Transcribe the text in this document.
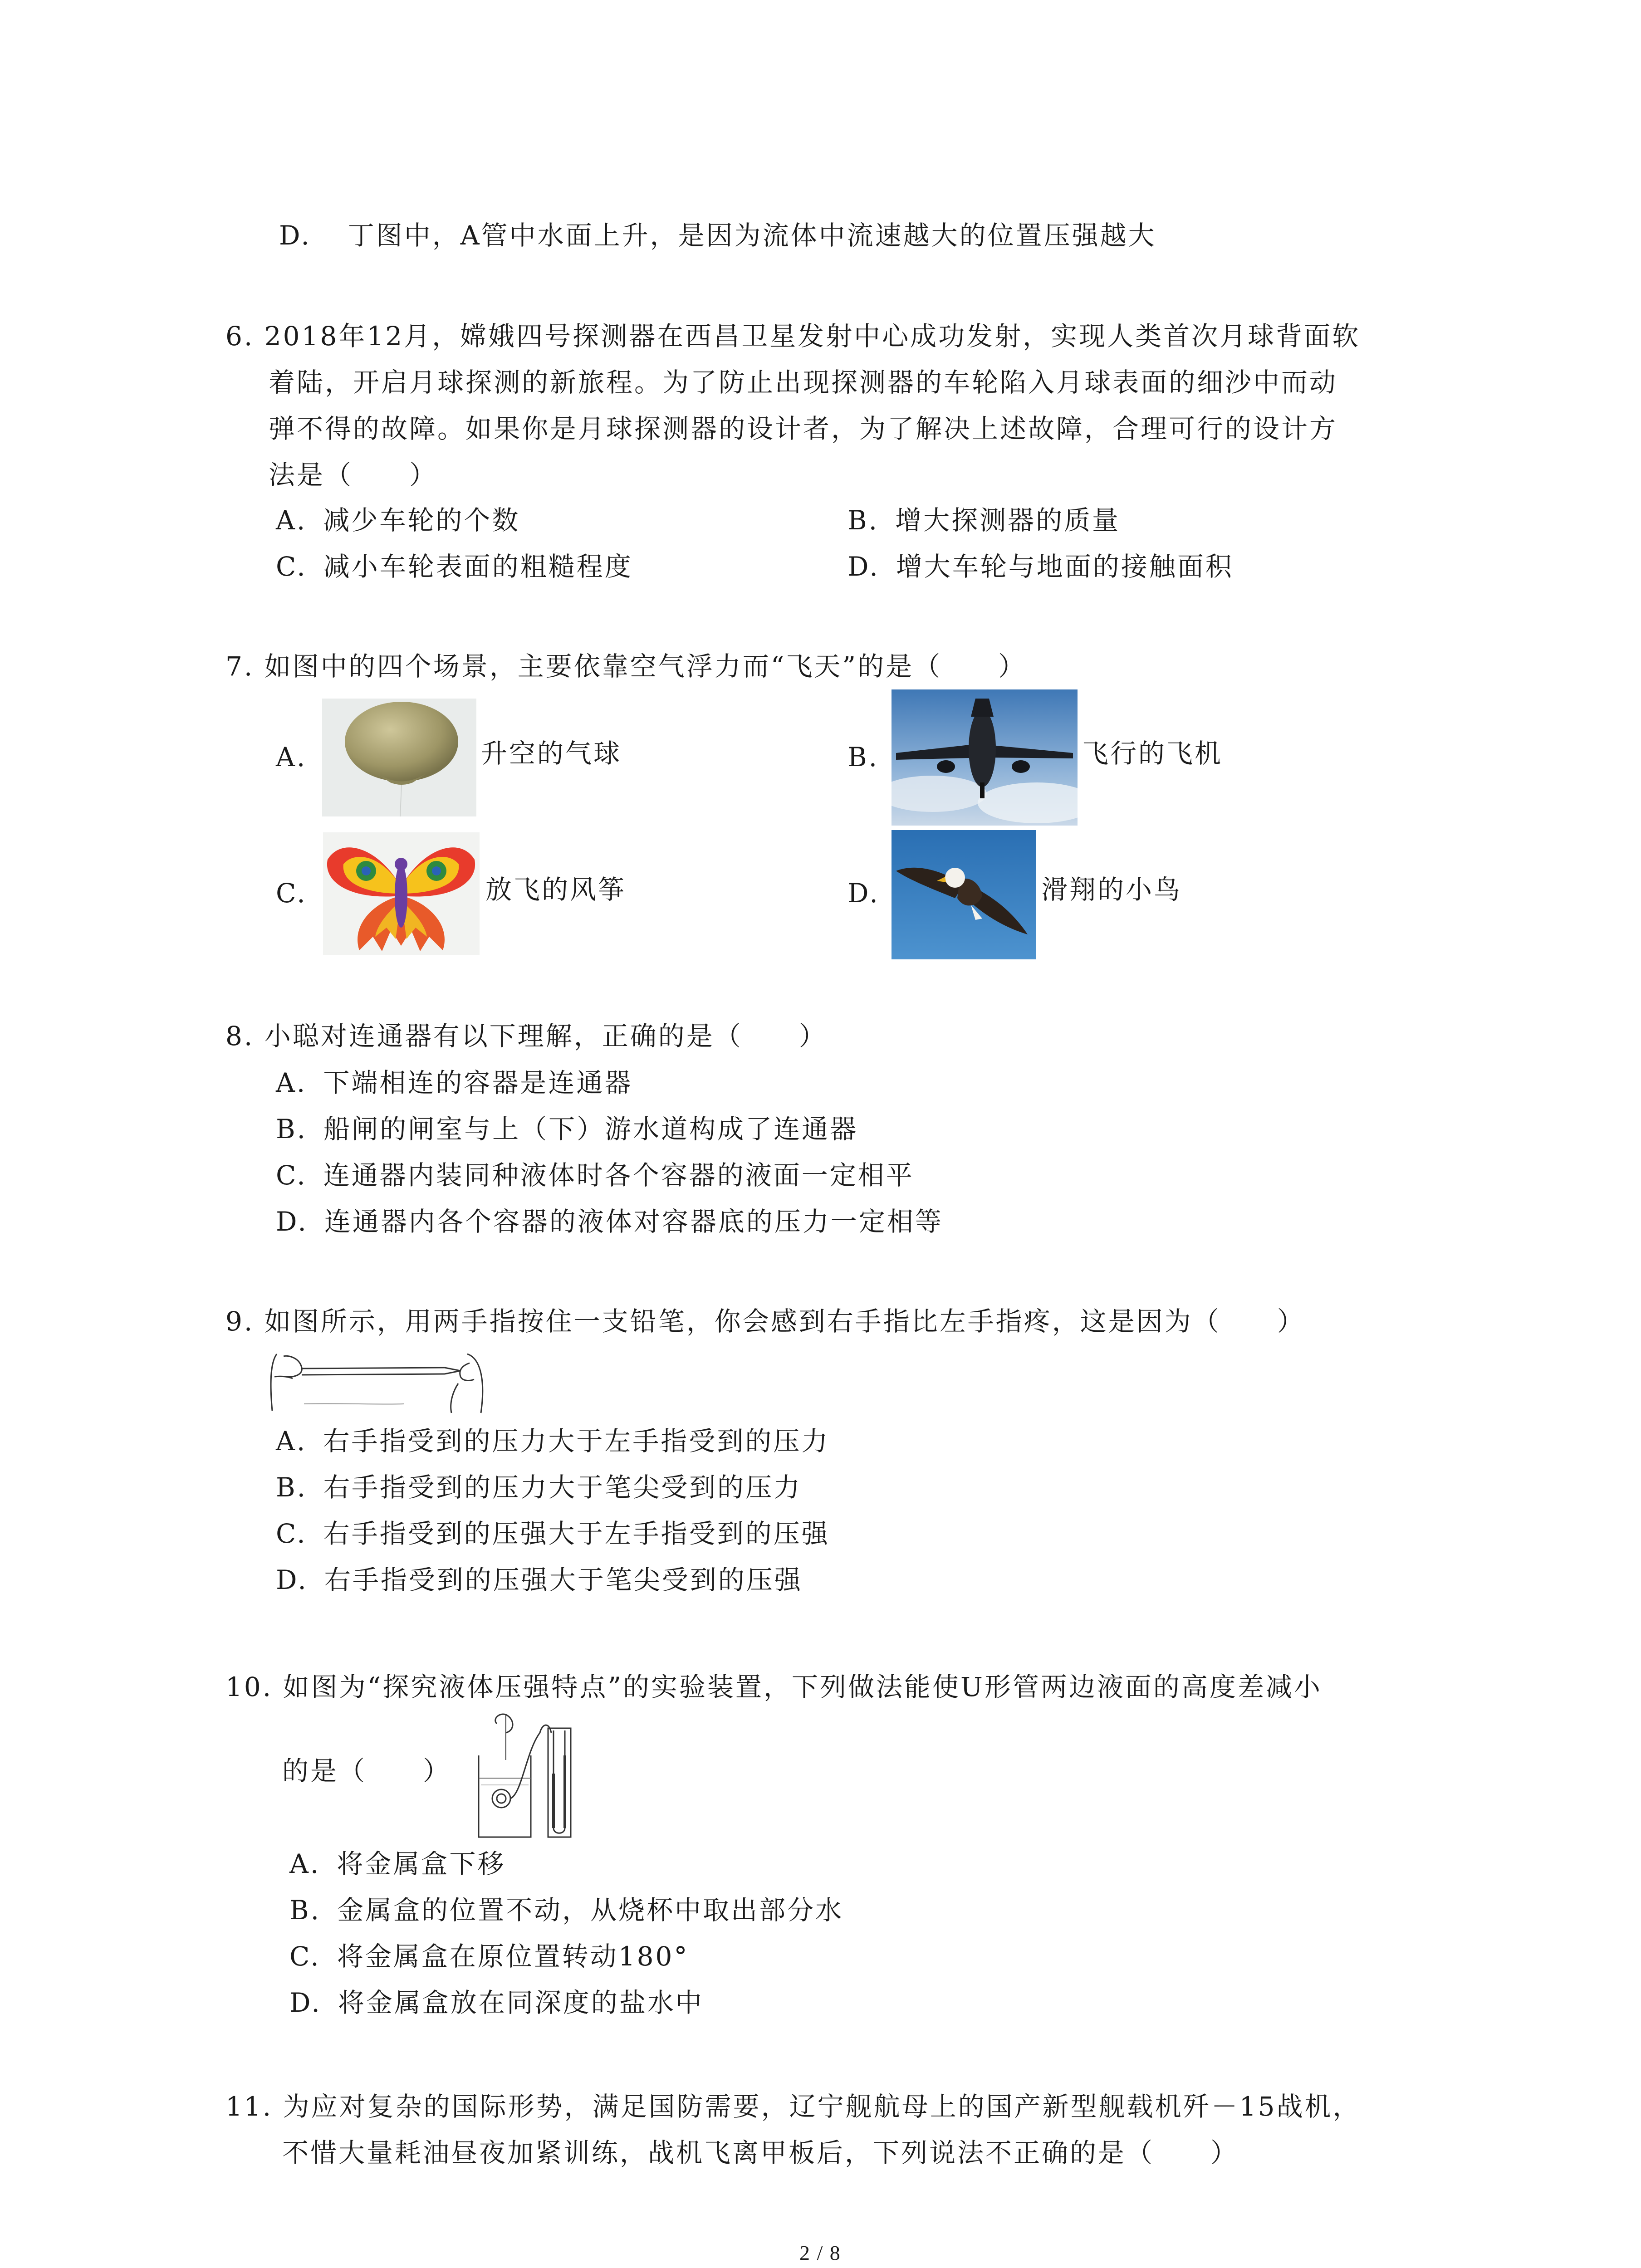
D. 丁图中，A管中水面上升，是因为流体中流速越大的位置压强越大
6. 2018年12月，嫦娥四号探测器在西昌卫星发射中心成功发射，实现人类首次月球背面软
着陆，开启月球探测的新旅程。为了防止出现探测器的车轮陷入月球表面的细沙中而动
弹不得的故障。如果你是月球探测器的设计者，为了解决上述故障，合理可行的设计方
法是（　　）
A. 减少车轮的个数	B. 增大探测器的质量
C. 减小车轮表面的粗糙程度	D. 增大车轮与地面的接触面积
7. 如图中的四个场景，主要依靠空气浮力而“飞天”的是（　　）
A.	升空的气球	B.	飞行的飞机
C.	放飞的风筝	D.	滑翔的小鸟
8. 小聪对连通器有以下理解，正确的是（　　）
A. 下端相连的容器是连通器
B. 船闸的闸室与上（下）游水道构成了连通器
C. 连通器内装同种液体时各个容器的液面一定相平
D. 连通器内各个容器的液体对容器底的压力一定相等
9. 如图所示，用两手指按住一支铅笔，你会感到右手指比左手指疼，这是因为（　　）
A. 右手指受到的压力大于左手指受到的压力
B. 右手指受到的压力大于笔尖受到的压力
C. 右手指受到的压强大于左手指受到的压强
D. 右手指受到的压强大于笔尖受到的压强
10. 如图为“探究液体压强特点”的实验装置，下列做法能使U形管两边液面的高度差减小
的是（　　）
A. 将金属盒下移
B. 金属盒的位置不动，从烧杯中取出部分水
C. 将金属盒在原位置转动180°
D. 将金属盒放在同深度的盐水中
11. 为应对复杂的国际形势，满足国防需要，辽宁舰航母上的国产新型舰载机歼－15战机，
不惜大量耗油昼夜加紧训练，战机飞离甲板后，下列说法不正确的是（　　）
2 / 8
